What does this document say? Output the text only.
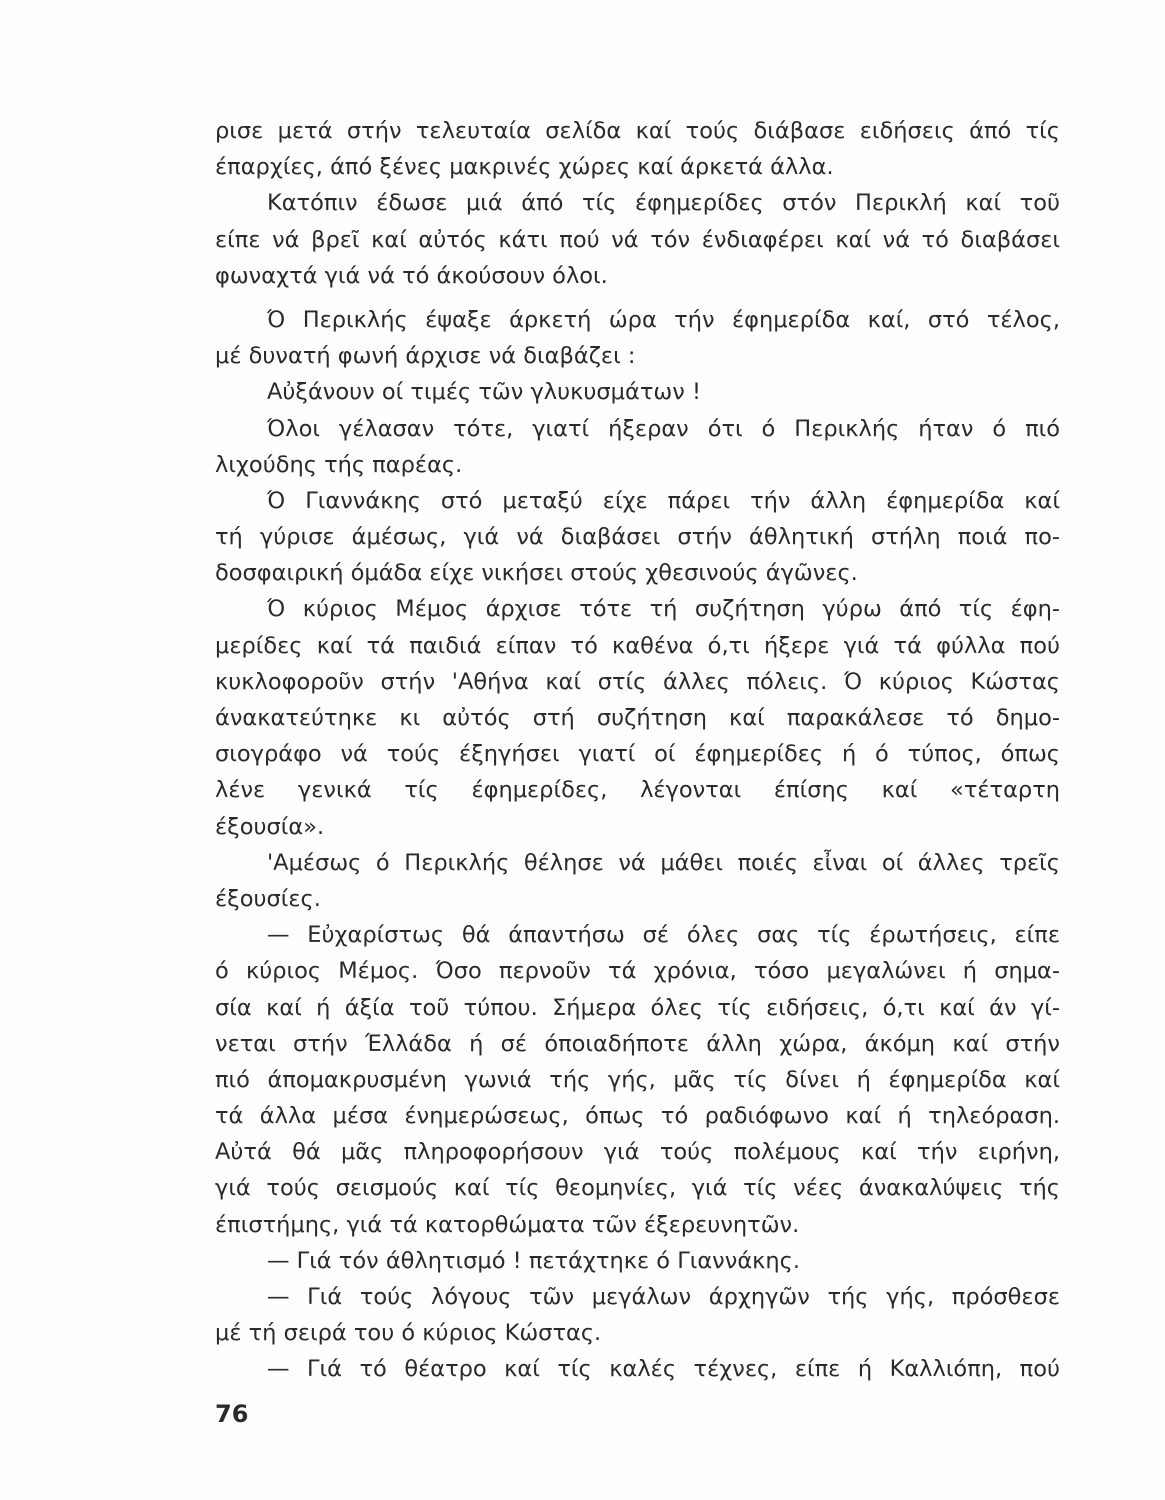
ρισε μετά στήν τελευταία σελίδα καί τούς διάβασε ειδήσεις άπό τίς
έπαρχίες, άπό ξένες μακρινές χώρες καί άρκετά άλλα.
Κατόπιν έδωσε μιά άπό τίς έφημερίδες στόν Περικλή καί τοῦ
είπε νά βρεῖ καί αὐτός κάτι πού νά τόν ένδιαφέρει καί νά τό διαβάσει
φωναχτά γιά νά τό άκούσουν όλοι.
Ό Περικλής έψαξε άρκετή ώρα τήν έφημερίδα καί, στό τέλος,
μέ δυνατή φωνή άρχισε νά διαβάζει :
Αὐξάνουν οί τιμές τῶν γλυκυσμάτων !
Όλοι γέλασαν τότε, γιατί ήξεραν ότι ό Περικλής ήταν ό πιό
λιχούδης τής παρέας.
Ό Γιαννάκης στό μεταξύ είχε πάρει τήν άλλη έφημερίδα καί
τή γύρισε άμέσως, γιά νά διαβάσει στήν άθλητική στήλη ποιά πο-
δοσφαιρική όμάδα είχε νικήσει στούς χθεσινούς άγῶνες.
Ό κύριος Μέμος άρχισε τότε τή συζήτηση γύρω άπό τίς έφη-
μερίδες καί τά παιδιά είπαν τό καθένα ό,τι ήξερε γιά τά φύλλα πού
κυκλοφοροῦν στήν 'Αθήνα καί στίς άλλες πόλεις. Ό κύριος Κώστας
άνακατεύτηκε κι αὐτός στή συζήτηση καί παρακάλεσε τό δημο-
σιογράφο νά τούς έξηγήσει γιατί οί έφημερίδες ή ό τύπος, όπως
λένε γενικά τίς έφημερίδες, λέγονται έπίσης καί «τέταρτη
έξουσία».
'Αμέσως ό Περικλής θέλησε νά μάθει ποιές εἶναι οί άλλες τρεῖς
έξουσίες.
— Εὐχαρίστως θά άπαντήσω σέ όλες σας τίς έρωτήσεις, είπε
ό κύριος Μέμος. Όσο περνοῦν τά χρόνια, τόσο μεγαλώνει ή σημα-
σία καί ή άξία τοῦ τύπου. Σήμερα όλες τίς ειδήσεις, ό,τι καί άν γί-
νεται στήν Έλλάδα ή σέ όποιαδήποτε άλλη χώρα, άκόμη καί στήν
πιό άπομακρυσμένη γωνιά τής γής, μᾶς τίς δίνει ή έφημερίδα καί
τά άλλα μέσα ένημερώσεως, όπως τό ραδιόφωνο καί ή τηλεόραση.
Αὐτά θά μᾶς πληροφορήσουν γιά τούς πολέμους καί τήν ειρήνη,
γιά τούς σεισμούς καί τίς θεομηνίες, γιά τίς νέες άνακαλύψεις τής
έπιστήμης, γιά τά κατορθώματα τῶν έξερευνητῶν.
— Γιά τόν άθλητισμό ! πετάχτηκε ό Γιαννάκης.
— Γιά τούς λόγους τῶν μεγάλων άρχηγῶν τής γής, πρόσθεσε
μέ τή σειρά του ό κύριος Κώστας.
— Γιά τό θέατρο καί τίς καλές τέχνες, είπε ή Καλλιόπη, πού
76
